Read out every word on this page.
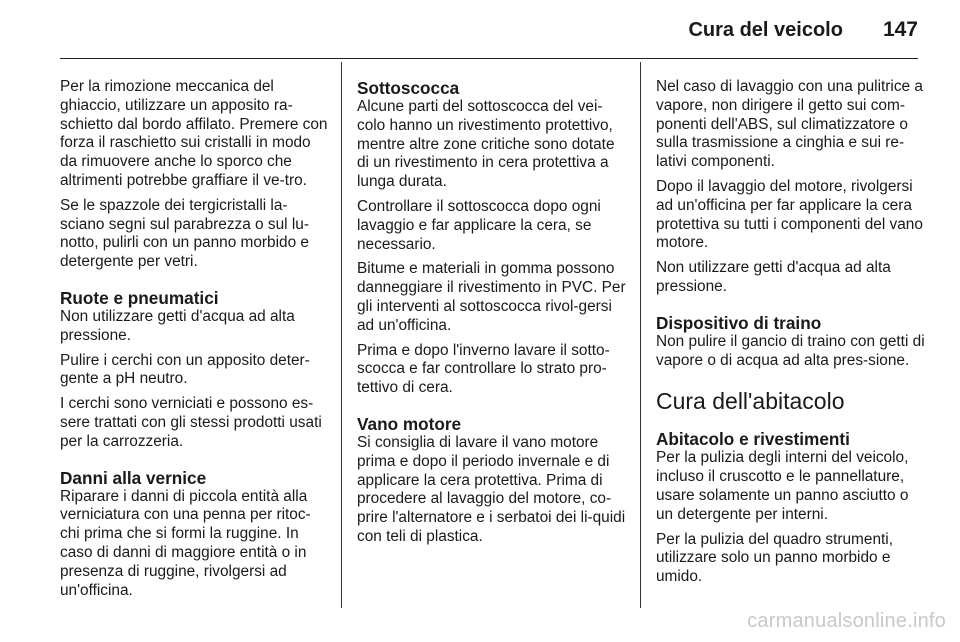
Cura del veicolo 147

Per la rimozione meccanica del ghiaccio, utilizzare un apposito ra-schietto dal bordo affilato. Premere con forza il raschietto sui cristalli in modo da rimuovere anche lo sporco che altrimenti potrebbe graffiare il ve-tro.

Se le spazzole dei tergicristalli la-sciano segni sul parabrezza o sul lu-notto, pulirli con un panno morbido e detergente per vetri.

Ruote e pneumatici

Non utilizzare getti d'acqua ad alta pressione.

Pulire i cerchi con un apposito deter-gente a pH neutro.

I cerchi sono verniciati e possono es-sere trattati con gli stessi prodotti usati per la carrozzeria.

Danni alla vernice

Riparare i danni di piccola entità alla verniciatura con una penna per ritoc-chi prima che si formi la ruggine. In caso di danni di maggiore entità o in presenza di ruggine, rivolgersi ad un'officina.

Sottoscocca

Alcune parti del sottoscocca del vei-colo hanno un rivestimento protettivo, mentre altre zone critiche sono dotate di un rivestimento in cera protettiva a lunga durata.

Controllare il sottoscocca dopo ogni lavaggio e far applicare la cera, se necessario.

Bitume e materiali in gomma possono danneggiare il rivestimento in PVC. Per gli interventi al sottoscocca rivol-gersi ad un'officina.

Prima e dopo l'inverno lavare il sotto-scocca e far controllare lo strato pro-tettivo di cera.

Vano motore

Si consiglia di lavare il vano motore prima e dopo il periodo invernale e di applicare la cera protettiva. Prima di procedere al lavaggio del motore, co-prire l'alternatore e i serbatoi dei li-quidi con teli di plastica.

Nel caso di lavaggio con una pulitrice a vapore, non dirigere il getto sui com-ponenti dell'ABS, sul climatizzatore o sulla trasmissione a cinghia e sui re-lativi componenti.

Dopo il lavaggio del motore, rivolgersi ad un'officina per far applicare la cera protettiva su tutti i componenti del vano motore.

Non utilizzare getti d'acqua ad alta pressione.

Dispositivo di traino

Non pulire il gancio di traino con getti di vapore o di acqua ad alta pres-sione.

Cura dell'abitacolo
Abitacolo e rivestimenti

Per la pulizia degli interni del veicolo, incluso il cruscotto e le pannellature, usare solamente un panno asciutto o un detergente per interni.

Per la pulizia del quadro strumenti, utilizzare solo un panno morbido e umido.

carmanualsonline.info
